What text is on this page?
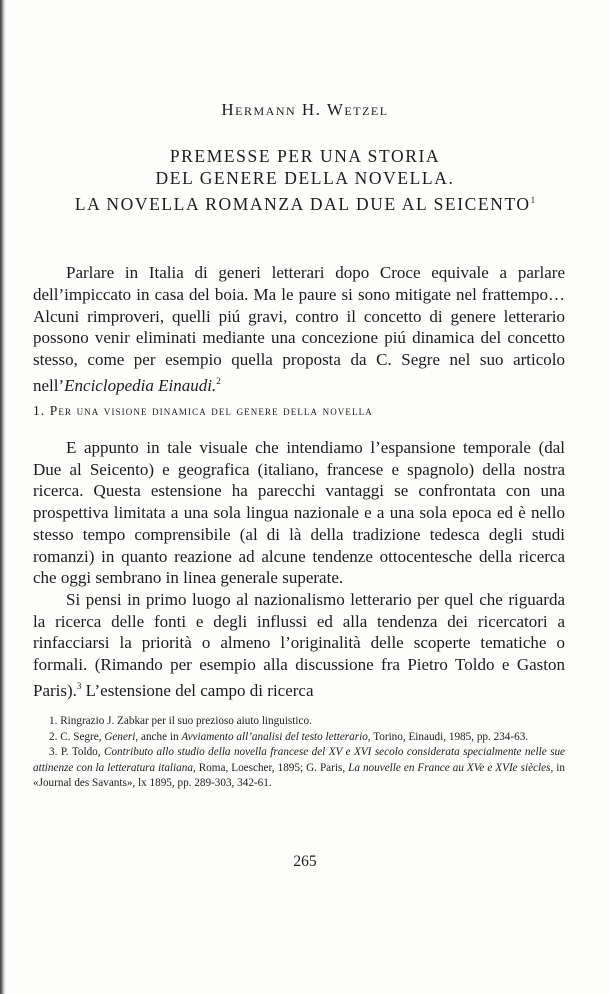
Hermann H. Wetzel
PREMESSE PER UNA STORIA
DEL GENERE DELLA NOVELLA.
LA NOVELLA ROMANZA DAL DUE AL SEICENTO$^1$

Parlare in Italia di generi letterari dopo Croce equivale a parlare dell’impiccato in casa del boia. Ma le paure si sono mitigate nel frattempo… Alcuni rimproveri, quelli piú gravi, contro il concetto di genere letterario possono venir eliminati mediante una concezione piú dinamica del concetto stesso, come per esempio quella proposta da C. Segre nel suo articolo nell’Enciclopedia Einaudi.$^2$

1. Per una visione dinamica del genere della novella

E appunto in tale visuale che intendiamo l’espansione temporale (dal Due al Seicento) e geografica (italiano, francese e spagnolo) della nostra ricerca. Questa estensione ha parecchi vantaggi se confrontata con una prospettiva limitata a una sola lingua nazionale e a una sola epoca ed è nello stesso tempo comprensibile (al di là della tradizione tedesca degli studi romanzi) in quanto reazione ad alcune tendenze ottocentesche della ricerca che oggi sembrano in linea generale superate.

Si pensi in primo luogo al nazionalismo letterario per quel che riguarda la ricerca delle fonti e degli influssi ed alla tendenza dei ricercatori a rinfacciarsi la priorità o almeno l’originalità delle scoperte tematiche o formali. (Rimando per esempio alla discussione fra Pietro Toldo e Gaston Paris).$^3$ L’estensione del campo di ricerca

1. Ringrazio J. Zabkar per il suo prezioso aiuto linguistico.

2. C. Segre, Generi, anche in Avviamento all’analisi del testo letterario, Torino, Einaudi, 1985, pp. 234-63.

3. P. Toldo, Contributo allo studio della novella francese del XV e XVI secolo considerata specialmente nelle sue attinenze con la letteratura italiana, Roma, Loescher, 1895; G. Paris, La nouvelle en France au XVe e XVIe siècles, in «Journal des Savants», lx 1895, pp. 289-303, 342-61.

265
